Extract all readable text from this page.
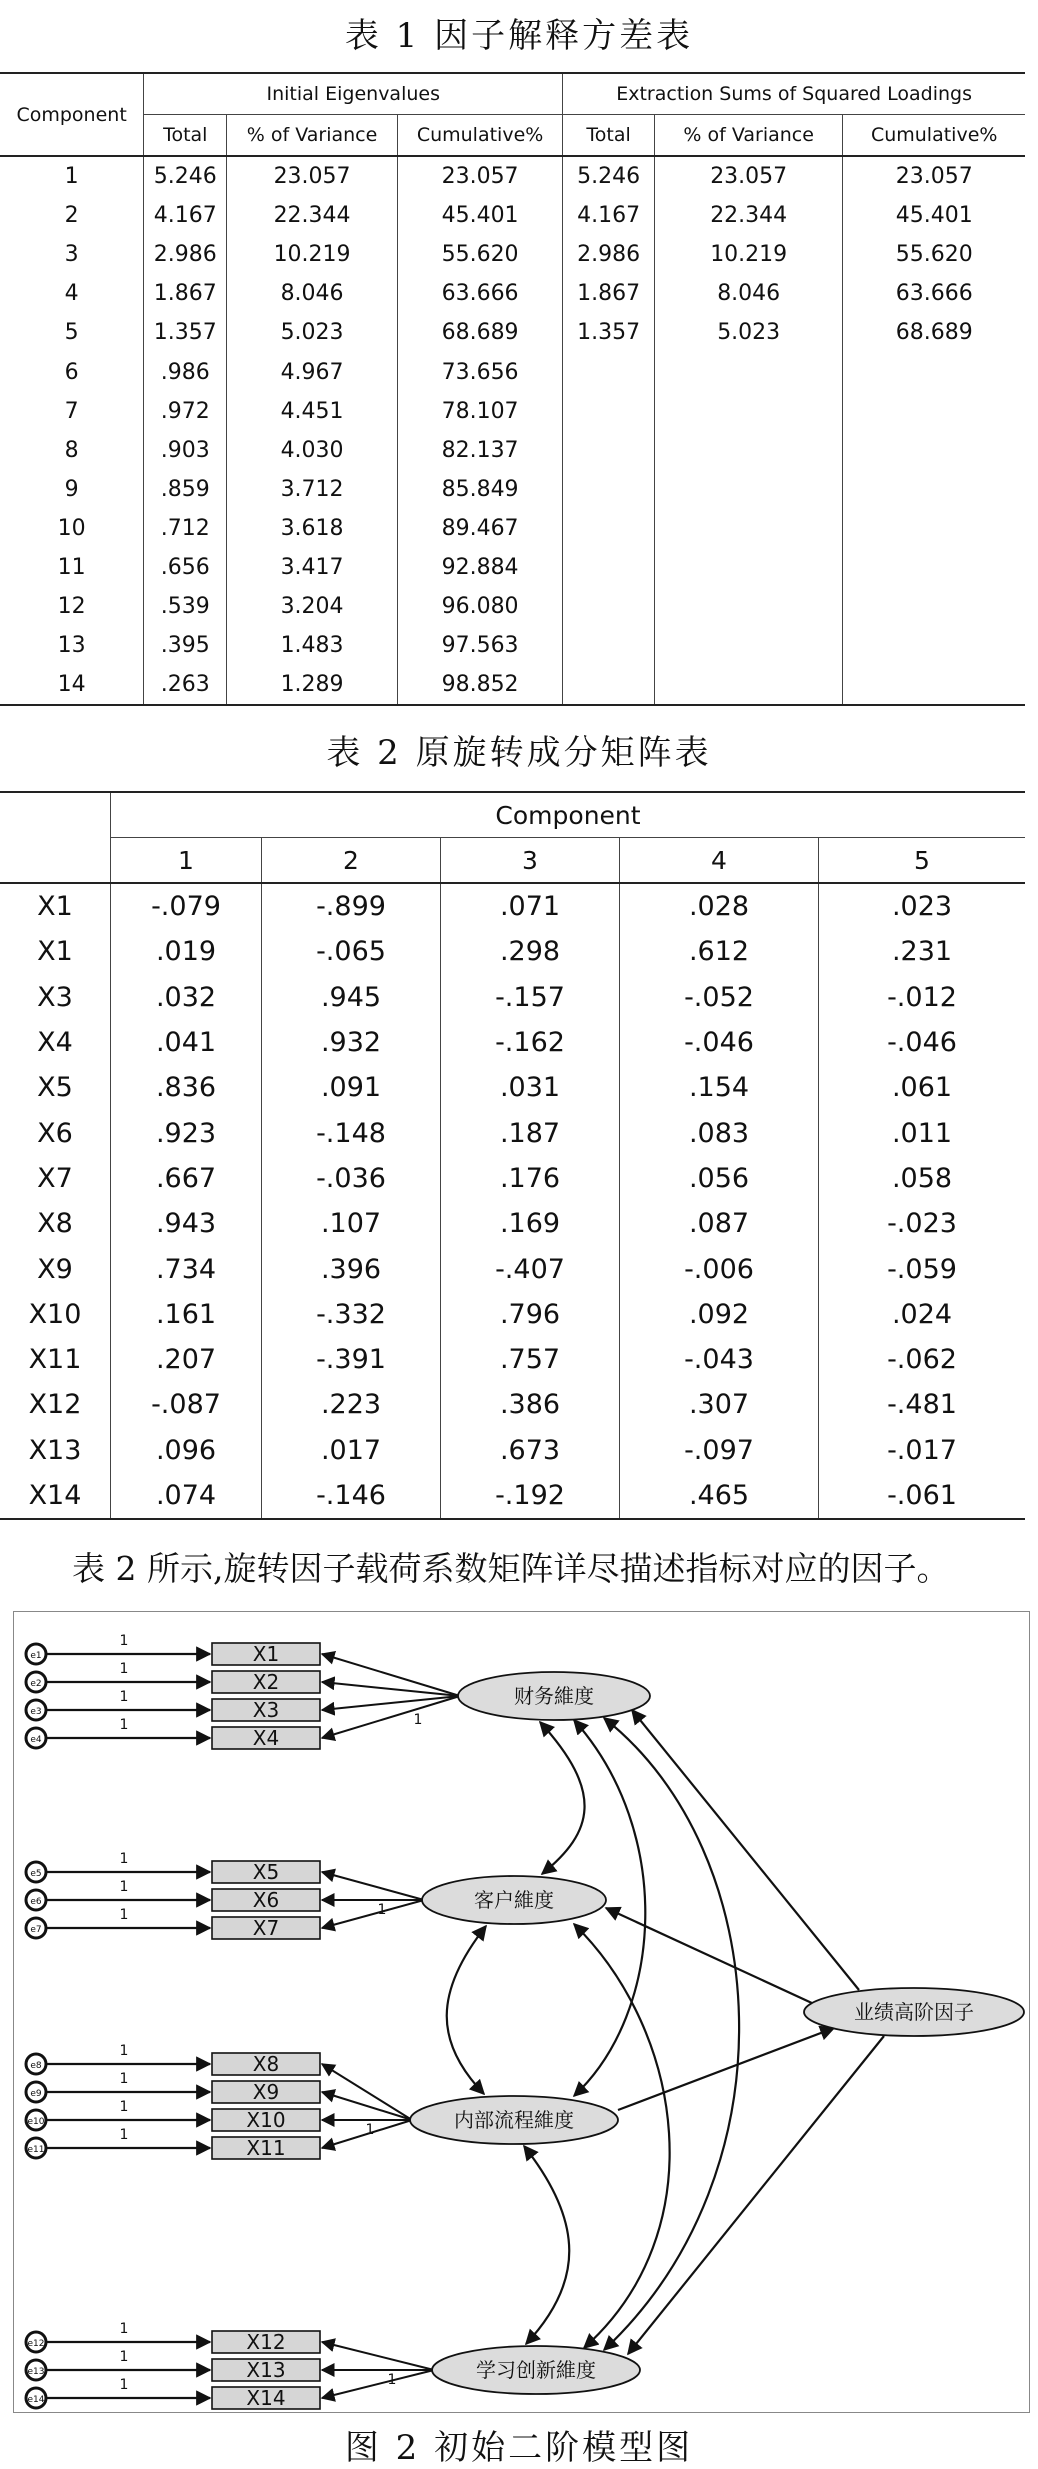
表 1 因子解释方差表
Component	Initial Eigenvalues			Extraction Sums of Squared Loadings		
	Total	% of Variance	Cumulative%	Total	% of Variance	Cumulative%
1	5.246	23.057	23.057	5.246	23.057	23.057
2	4.167	22.344	45.401	4.167	22.344	45.401
3	2.986	10.219	55.620	2.986	10.219	55.620
4	1.867	8.046	63.666	1.867	8.046	63.666
5	1.357	5.023	68.689	1.357	5.023	68.689
6	.986	4.967	73.656			
7	.972	4.451	78.107			
8	.903	4.030	82.137			
9	.859	3.712	85.849			
10	.712	3.618	89.467			
11	.656	3.417	92.884			
12	.539	3.204	96.080			
13	.395	1.483	97.563			
14	.263	1.289	98.852			
表 2 原旋转成分矩阵表
	Component				
	1	2	3	4	5
X1	-.079	-.899	.071	.028	.023
X1	.019	-.065	.298	.612	.231
X3	.032	.945	-.157	-.052	-.012
X4	.041	.932	-.162	-.046	-.046
X5	.836	.091	.031	.154	.061
X6	.923	-.148	.187	.083	.011
X7	.667	-.036	.176	.056	.058
X8	.943	.107	.169	.087	-.023
X9	.734	.396	-.407	-.006	-.059
X10	.161	-.332	.796	.092	.024
X11	.207	-.391	.757	-.043	-.062
X12	-.087	.223	.386	.307	-.481
X13	.096	.017	.673	-.097	-.017
X14	.074	-.146	-.192	.465	-.061
表 2 所示,旋转因子载荷系数矩阵详尽描述指标对应的因子。
e1
1
X1
e2
1
X2
e3
1
X3
e4
1
X4
1
财务維度
e5
1
X5
e6
1
X6
e7
1
X7
1	客户維度
e8
1
X8
e9
1
X9
e10
1
X10
e11
1
X11
1	内部流程維度
e12
1
X12
e13
1
X13
e14
1
X14
1	学习创新維度
业绩高阶因子
图 2 初始二阶模型图
